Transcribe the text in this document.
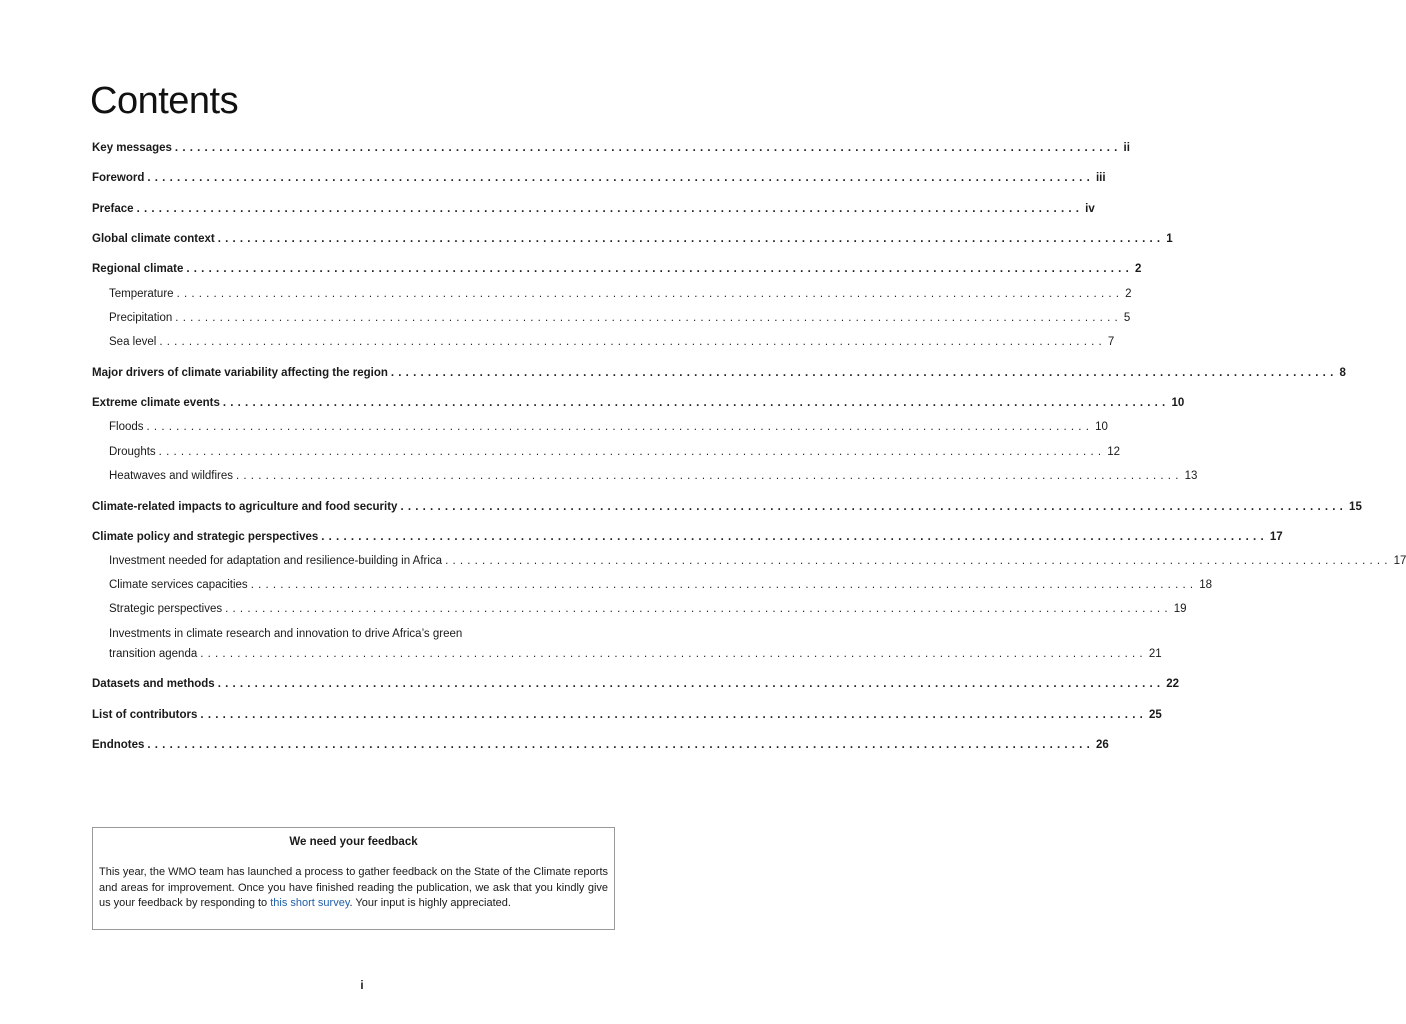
Contents
Key messages ................................................................................................................................ ii
Foreword ................................................................................................................................ iii
Preface ................................................................................................................................ iv
Global climate context ................................................................................................................................ 1
Regional climate ................................................................................................................................ 2
Temperature ................................................................................................................................ 2
Precipitation ................................................................................................................................ 5
Sea level ................................................................................................................................ 7
Major drivers of climate variability affecting the region ................................................................................................................................ 8
Extreme climate events ................................................................................................................................ 10
Floods ................................................................................................................................ 10
Droughts ................................................................................................................................ 12
Heatwaves and wildfires ................................................................................................................................ 13
Climate-related impacts to agriculture and food security ................................................................................................................................ 15
Climate policy and strategic perspectives ................................................................................................................................ 17
Investment needed for adaptation and resilience-building in Africa ................................................................................................................................ 17
Climate services capacities ................................................................................................................................ 18
Strategic perspectives ................................................................................................................................ 19
Investments in climate research and innovation to drive Africa’s green
transition agenda ................................................................................................................................ 21
Datasets and methods ................................................................................................................................ 22
List of contributors ................................................................................................................................ 25
Endnotes ................................................................................................................................ 26
We need your feedback

This year, the WMO team has launched a process to gather feedback on the State of the Climate reports and areas for improvement. Once you have finished reading the publication, we ask that you kindly give us your feedback by responding to this short survey. Your input is highly appreciated.

i
